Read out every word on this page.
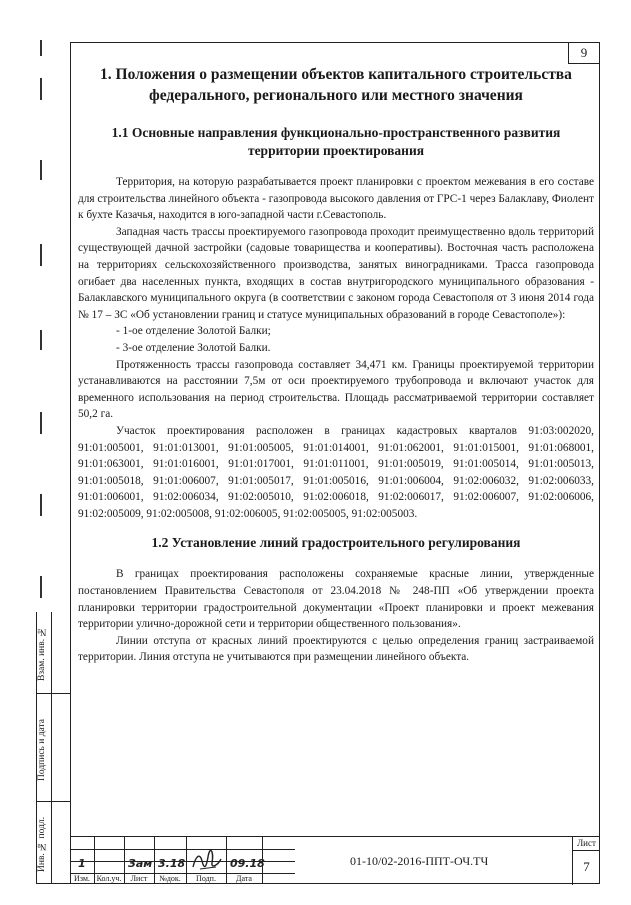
9
1. Положения о размещении объектов капитального строительства федерального, регионального или местного значения
1.1 Основные направления функционально-пространственного развития территории проектирования

Территория, на которую разрабатывается проект планировки с проектом межевания в его составе для строительства линейного объекта - газопровода высокого давления от ГРС-1 через Балаклаву, Фиолент к бухте Казачья, находится в юго-западной части г.Севастополь.

Западная часть трассы проектируемого газопровода проходит преимущественно вдоль территорий существующей дачной застройки (садовые товарищества и кооперативы). Восточная часть расположена на территориях сельскохозяйственного производства, занятых виноградниками. Трасса газопровода огибает два населенных пункта, входящих в состав внутригородского муниципального образования - Балаклавского муниципального округа (в соответствии с законом города Севастополя от 3 июня 2014 года № 17 – ЗС «Об установлении границ и статусе муниципальных образований в городе Севастополе»):

- 1-ое отделение Золотой Балки;

- 3-ое отделение Золотой Балки.

Протяженность трассы газопровода составляет 34,471 км. Границы проектируемой территории устанавливаются на расстоянии 7,5м от оси проектируемого трубопровода и включают участок для временного использования на период строительства. Площадь рассматриваемой территории составляет 50,2 га.

Участок проектирования расположен в границах кадастровых кварталов 91:03:002020, 91:01:005001, 91:01:013001, 91:01:005005, 91:01:014001, 91:01:062001, 91:01:015001, 91:01:068001, 91:01:063001, 91:01:016001, 91:01:017001, 91:01:011001, 91:01:005019, 91:01:005014, 91:01:005013, 91:01:005018, 91:01:006007, 91:01:005017, 91:01:005016, 91:01:006004, 91:02:006032, 91:02:006033, 91:01:006001, 91:02:006034, 91:02:005010, 91:02:006018, 91:02:006017, 91:02:006007, 91:02:006006, 91:02:005009, 91:02:005008, 91:02:006005, 91:02:005005, 91:02:005003.

1.2 Установление линий градостроительного регулирования

В границах проектирования расположены сохраняемые красные линии, утвержденные постановлением Правительства Севастополя от 23.04.2018 № 248-ПП «Об утверждении проекта планировки территории градостроительной документации «Проект планировки и проект межевания территории улично-дорожной сети и территории общественного пользования».

Линии отступа от красных линий проектируются с целью определения границ застраиваемой территории. Линия отступа не учитываются при размещении линейного объекта.

Взам. инв. №
Подпись и дата
Инв. № подл.
Изм. Кол.уч.	Лист	№док.	Подп.	Дата
1	Зам 3.18	09.18	01-10/02-2016-ППТ-ОЧ.ТЧ
Лист
7
